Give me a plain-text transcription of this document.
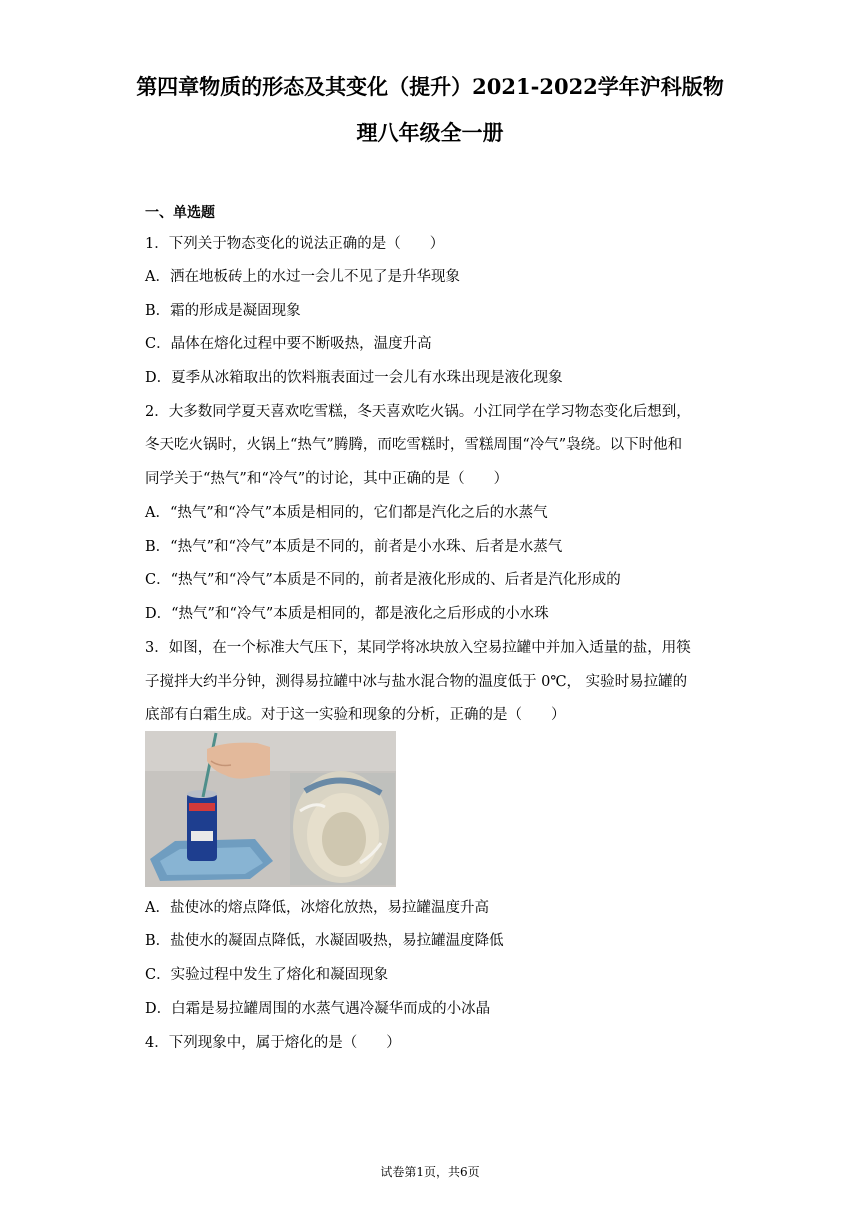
第四章物质的形态及其变化（提升）2021-2022学年沪科版物
理八年级全一册
一、单选题
1．下列关于物态变化的说法正确的是（　　）
A．洒在地板砖上的水过一会儿不见了是升华现象
B．霜的形成是凝固现象
C．晶体在熔化过程中要不断吸热，温度升高
D．夏季从冰箱取出的饮料瓶表面过一会儿有水珠出现是液化现象
2．大多数同学夏天喜欢吃雪糕，冬天喜欢吃火锅。小江同学在学习物态变化后想到，
冬天吃火锅时，火锅上“热气”腾腾，而吃雪糕时，雪糕周围“冷气”袅绕。以下时他和
同学关于“热气”和“冷气”的讨论，其中正确的是（　　）
A．“热气”和“冷气”本质是相同的，它们都是汽化之后的水蒸气
B．“热气”和“冷气”本质是不同的，前者是小水珠、后者是水蒸气
C．“热气”和“冷气”本质是不同的，前者是液化形成的、后者是汽化形成的
D．“热气”和“冷气”本质是相同的，都是液化之后形成的小水珠
3．如图，在一个标准大气压下，某同学将冰块放入空易拉罐中并加入适量的盐，用筷
子搅拌大约半分钟，测得易拉罐中冰与盐水混合物的温度低于 0℃， 实验时易拉罐的
底部有白霜生成。对于这一实验和现象的分析，正确的是（　　）
A．盐使冰的熔点降低，冰熔化放热，易拉罐温度升高
B．盐使水的凝固点降低，水凝固吸热，易拉罐温度降低
C．实验过程中发生了熔化和凝固现象
D．白霜是易拉罐周围的水蒸气遇冷凝华而成的小冰晶
4．下列现象中，属于熔化的是（　　）
试卷第1页，共6页
